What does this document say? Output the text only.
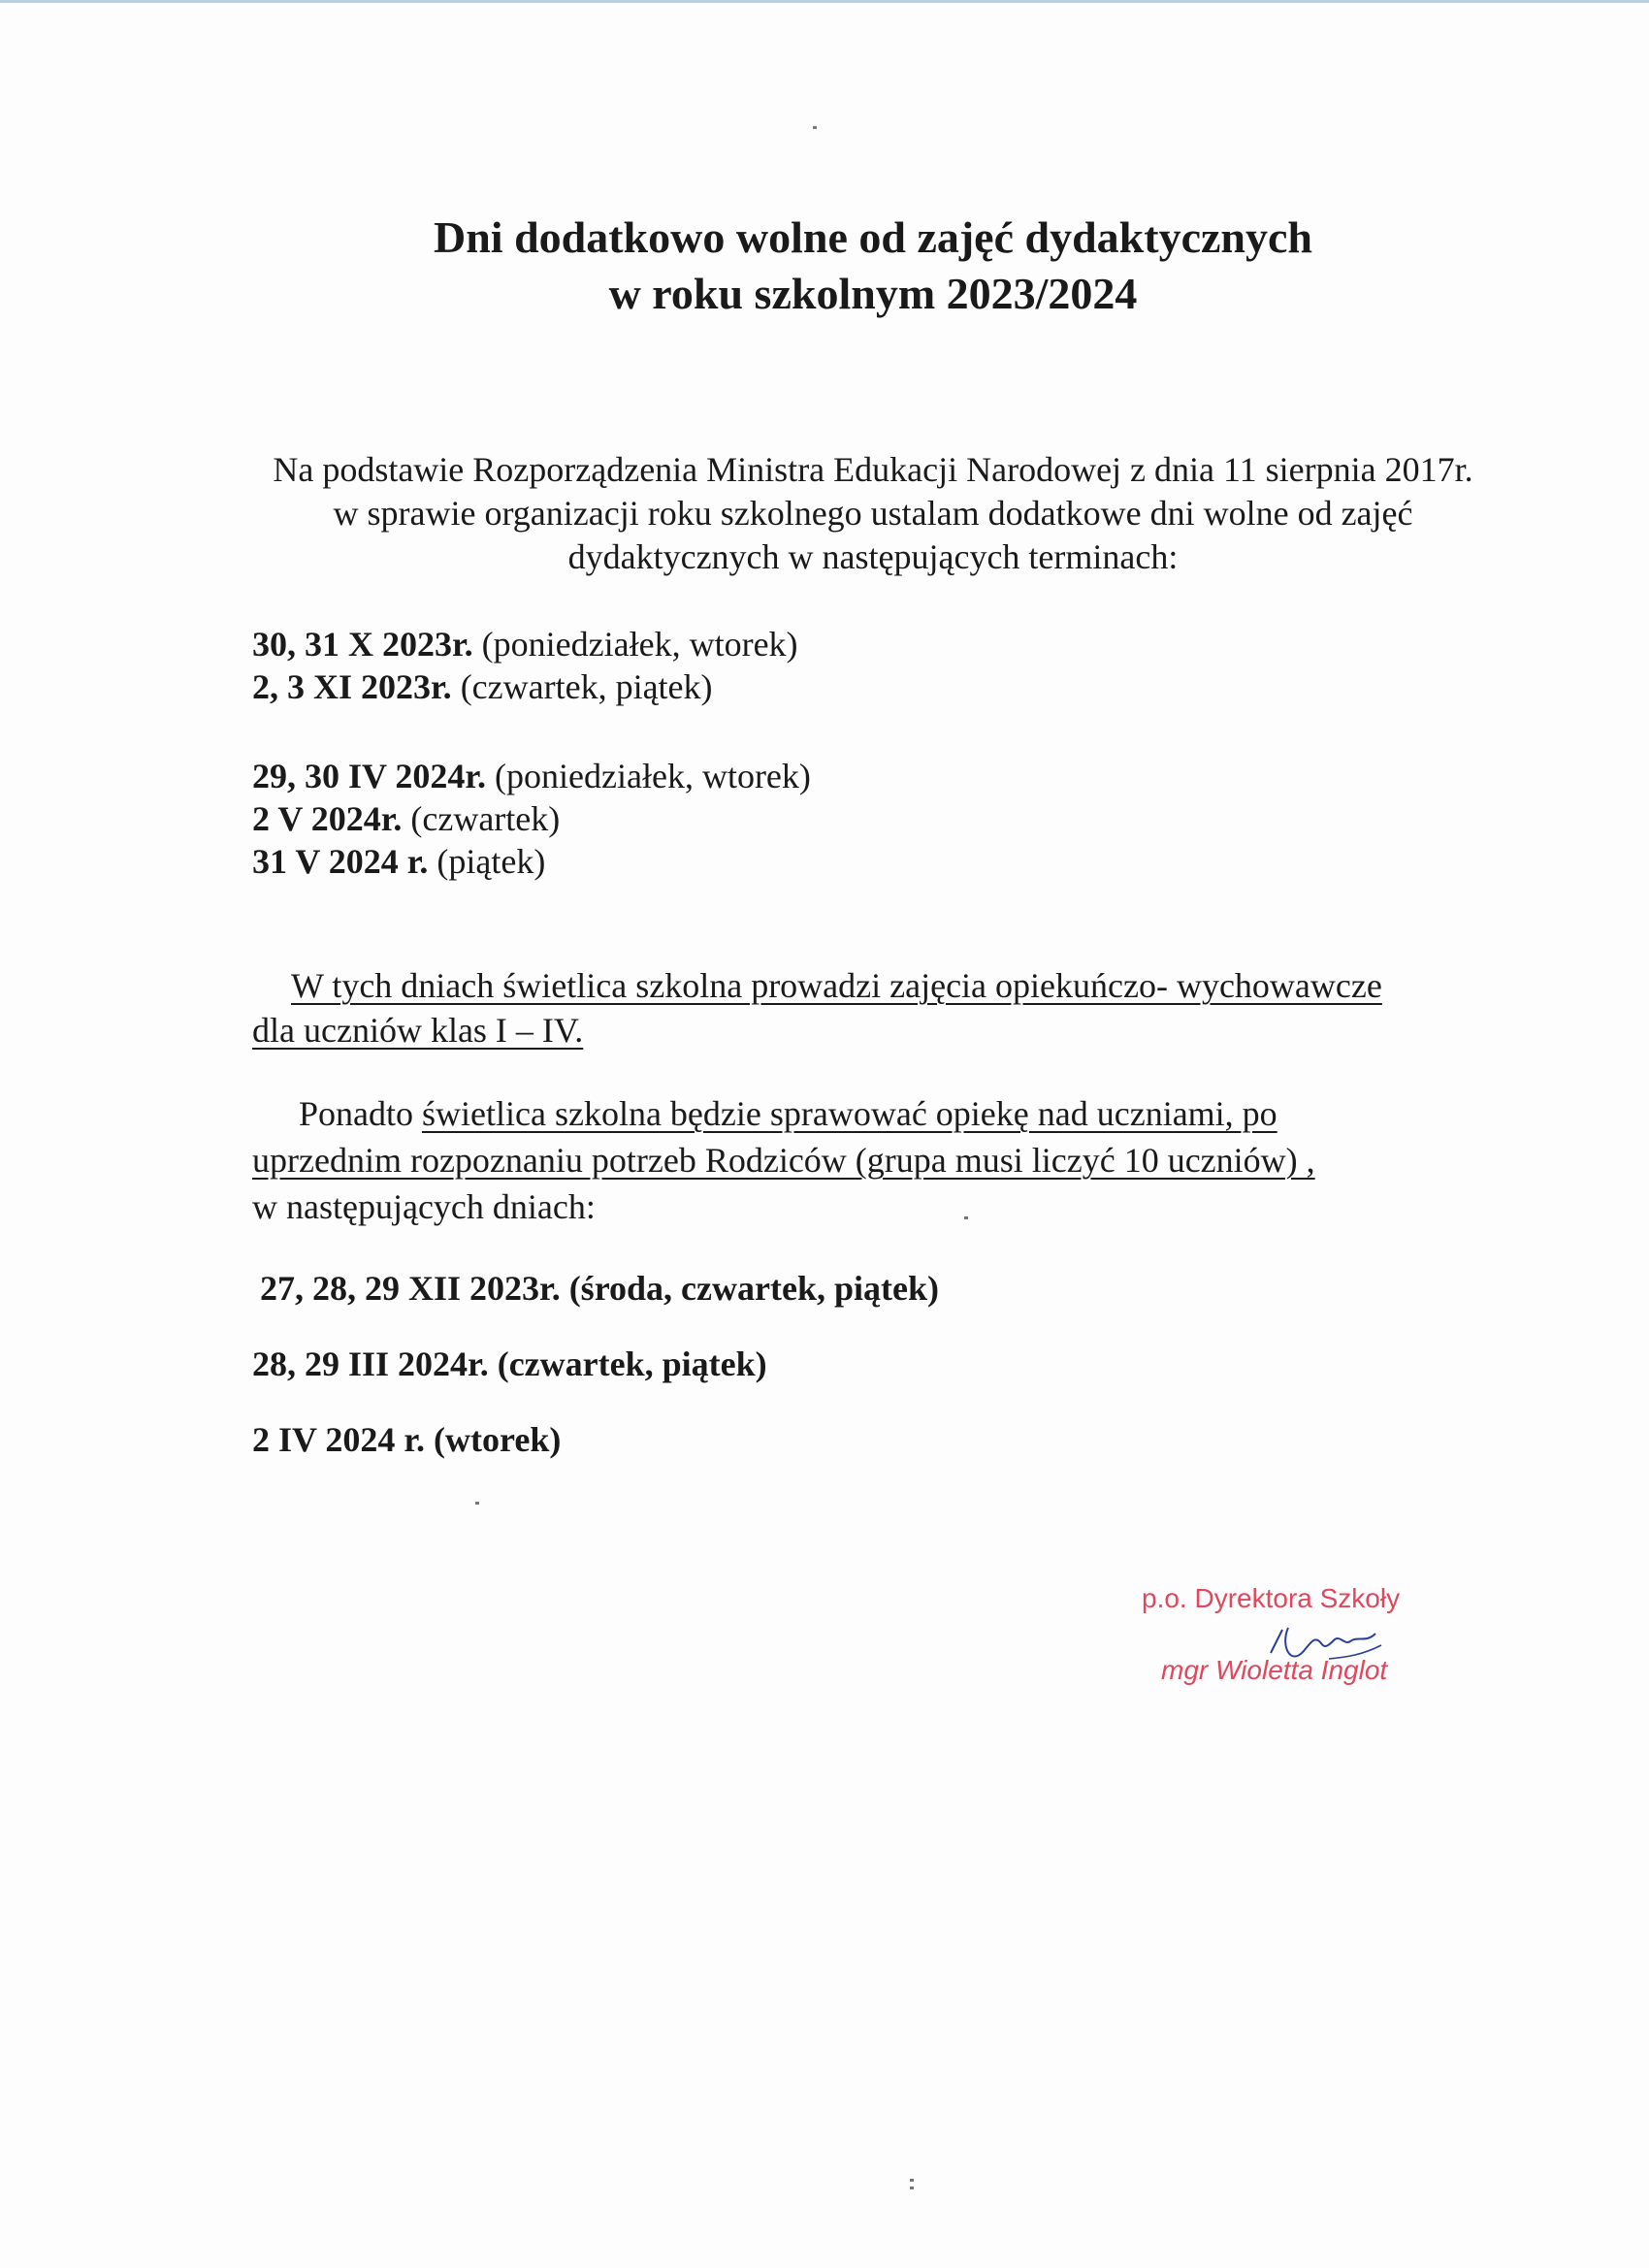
Dni dodatkowo wolne od zajęć dydaktycznych
w roku szkolnym 2023/2024
Na podstawie Rozporządzenia Ministra Edukacji Narodowej z dnia 11 sierpnia 2017r. w sprawie organizacji roku szkolnego ustalam dodatkowe dni wolne od zajęć dydaktycznych w następujących terminach:
30, 31 X 2023r. (poniedziałek, wtorek)
2, 3 XI 2023r. (czwartek, piątek)
29, 30 IV 2024r. (poniedziałek, wtorek)
2 V 2024r. (czwartek)
31 V 2024 r. (piątek)
W tych dniach świetlica szkolna prowadzi zajęcia opiekuńczo- wychowawcze
dla uczniów klas I – IV.
Ponadto świetlica szkolna będzie sprawować opiekę nad uczniami, po
uprzednim rozpoznaniu potrzeb Rodziców (grupa musi liczyć 10 uczniów) ,
w następujących dniach:
27, 28, 29 XII 2023r. (środa, czwartek, piątek)
28, 29 III 2024r. (czwartek, piątek)
2 IV 2024 r. (wtorek)
p.o. Dyrektora Szkoły
mgr Wioletta Inglot
